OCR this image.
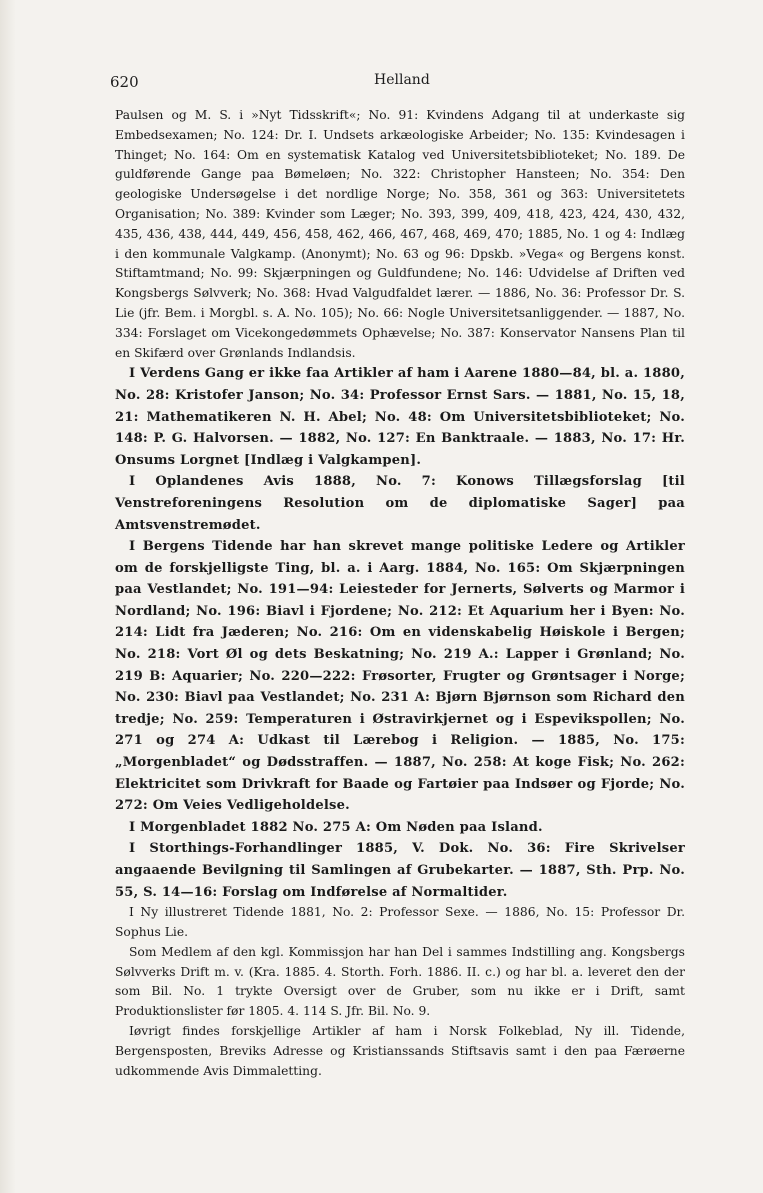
620	Helland

Paulsen og M. S. i »Nyt Tidsskrift«; No. 91: Kvindens Adgang til at underkaste sig Embedsexamen; No. 124: Dr. I. Undsets arkæologiske Arbeider; No. 135: Kvindesagen i Thinget; No. 164: Om en systematisk Katalog ved Universitetsbiblioteket; No. 189. De guldførende Gange paa Bømeløen; No. 322: Christopher Hansteen; No. 354: Den geologiske Undersøgelse i det nordlige Norge; No. 358, 361 og 363: Universitetets Organisation; No. 389: Kvinder som Læger; No. 393, 399, 409, 418, 423, 424, 430, 432, 435, 436, 438, 444, 449, 456, 458, 462, 466, 467, 468, 469, 470; 1885, No. 1 og 4: Indlæg i den kommunale Valgkamp. (Anonymt); No. 63 og 96: Dpskb. »Vega« og Bergens konst. Stiftamtmand; No. 99: Skjærpningen og Guldfundene; No. 146: Udvidelse af Driften ved Kongsbergs Sølvverk; No. 368: Hvad Valgudfaldet lærer. — 1886, No. 36: Professor Dr. S. Lie (jfr. Bem. i Morgbl. s. A. No. 105); No. 66: Nogle Universitetsanliggender. — 1887, No. 334: Forslaget om Vicekongedømmets Ophævelse; No. 387: Konservator Nansens Plan til en Skifærd over Grønlands Indlandsis.

I Verdens Gang er ikke faa Artikler af ham i Aarene 1880—84, bl. a. 1880, No. 28: Kristofer Janson; No. 34: Professor Ernst Sars. — 1881, No. 15, 18, 21: Mathematikeren N. H. Abel; No. 48: Om Universitetsbiblioteket; No. 148: P. G. Halvorsen. — 1882, No. 127: En Banktraale. — 1883, No. 17: Hr. Onsums Lorgnet [Indlæg i Valgkampen].

I Oplandenes Avis 1888, No. 7: Konows Tillægsforslag [til Venstreforeningens Resolution om de diplomatiske Sager] paa Amtsvenstremødet.

I Bergens Tidende har han skrevet mange politiske Ledere og Artikler om de forskjelligste Ting, bl. a. i Aarg. 1884, No. 165: Om Skjærpningen paa Vestlandet; No. 191—94: Leiesteder for Jernerts, Sølverts og Marmor i Nordland; No. 196: Biavl i Fjordene; No. 212: Et Aquarium her i Byen: No. 214: Lidt fra Jæderen; No. 216: Om en videnskabelig Høiskole i Bergen; No. 218: Vort Øl og dets Beskatning; No. 219 A.: Lapper i Grønland; No. 219 B: Aquarier; No. 220—222: Frøsorter, Frugter og Grøntsager i Norge; No. 230: Biavl paa Vestlandet; No. 231 A: Bjørn Bjørnson som Richard den tredje; No. 259: Temperaturen i Østravirkjernet og i Espevikspollen; No. 271 og 274 A: Udkast til Lærebog i Religion. — 1885, No. 175: „Morgenbladet“ og Dødsstraffen. — 1887, No. 258: At koge Fisk; No. 262: Elektricitet som Drivkraft for Baade og Fartøier paa Indsøer og Fjorde; No. 272: Om Veies Vedligeholdelse.

I Morgenbladet 1882 No. 275 A: Om Nøden paa Island.

I Storthings-Forhandlinger 1885, V. Dok. No. 36: Fire Skrivelser angaaende Bevilgning til Samlingen af Grubekarter. — 1887, Sth. Prp. No. 55, S. 14—16: Forslag om Indførelse af Normaltider.

I Ny illustreret Tidende 1881, No. 2: Professor Sexe. — 1886, No. 15: Professor Dr. Sophus Lie.

Som Medlem af den kgl. Kommissjon har han Del i sammes Indstilling ang. Kongsbergs Sølvverks Drift m. v. (Kra. 1885. 4. Storth. Forh. 1886. II. c.) og har bl. a. leveret den der som Bil. No. 1 trykte Oversigt over de Gruber, som nu ikke er i Drift, samt Produktionslister før 1805. 4. 114 S. Jfr. Bil. No. 9.

Iøvrigt findes forskjellige Artikler af ham i Norsk Folkeblad, Ny ill. Tidende, Bergensposten, Breviks Adresse og Kristianssands Stiftsavis samt i den paa Færøerne udkommende Avis Dimmaletting.
